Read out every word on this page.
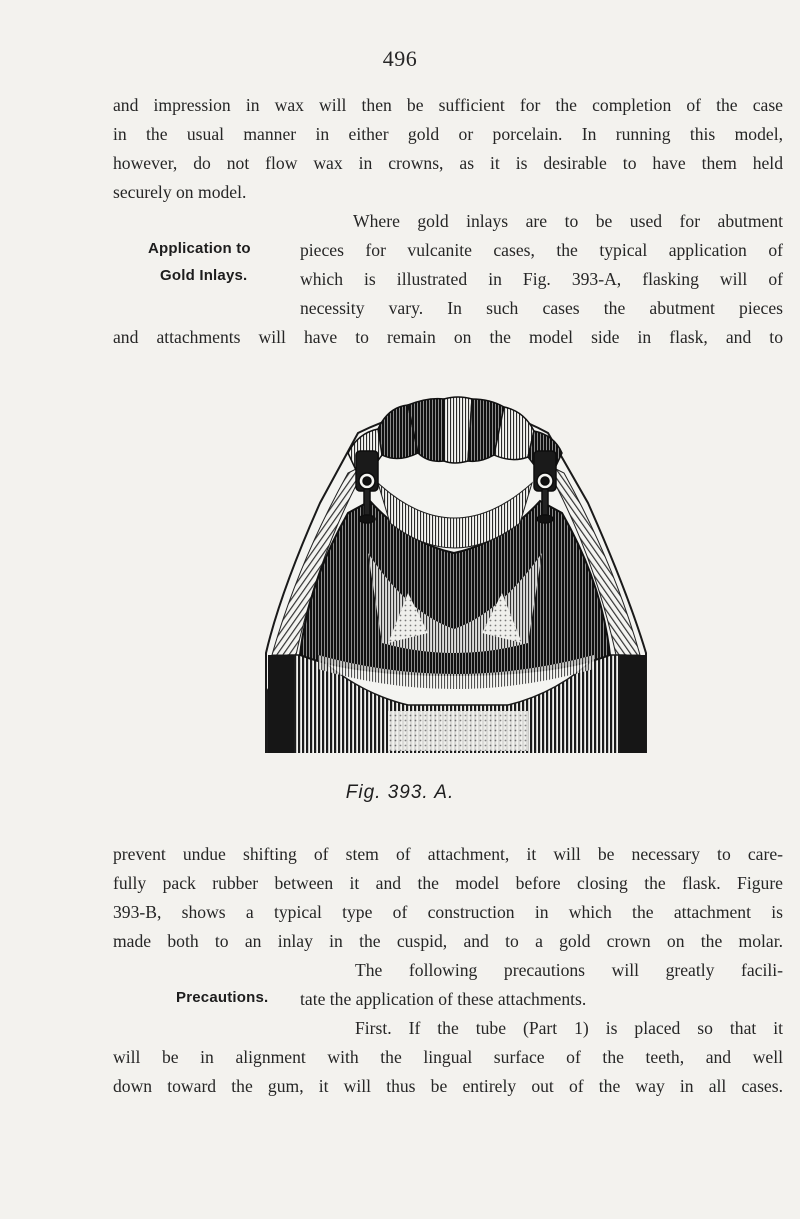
496
and impression in wax will then be sufficient for the completion of the case
in the usual manner in either gold or porcelain. In running this model,
however, do not flow wax in crowns, as it is desirable to have them held
securely on model.
Where gold inlays are to be used for abutment
pieces for vulcanite cases, the typical application of
which is illustrated in Fig. 393-A, flasking will of
necessity vary. In such cases the abutment pieces
and attachments will have to remain on the model side in flask, and to
Application to
Gold Inlays.
Fig. 393. A.
prevent undue shifting of stem of attachment, it will be necessary to care-
fully pack rubber between it and the model before closing the flask. Figure
393-B, shows a typical type of construction in which the attachment is
made both to an inlay in the cuspid, and to a gold crown on the molar.
The following precautions will greatly facili-
tate the application of these attachments.
First. If the tube (Part 1) is placed so that it
will be in alignment with the lingual surface of the teeth, and well
down toward the gum, it will thus be entirely out of the way in all cases.
Precautions.
